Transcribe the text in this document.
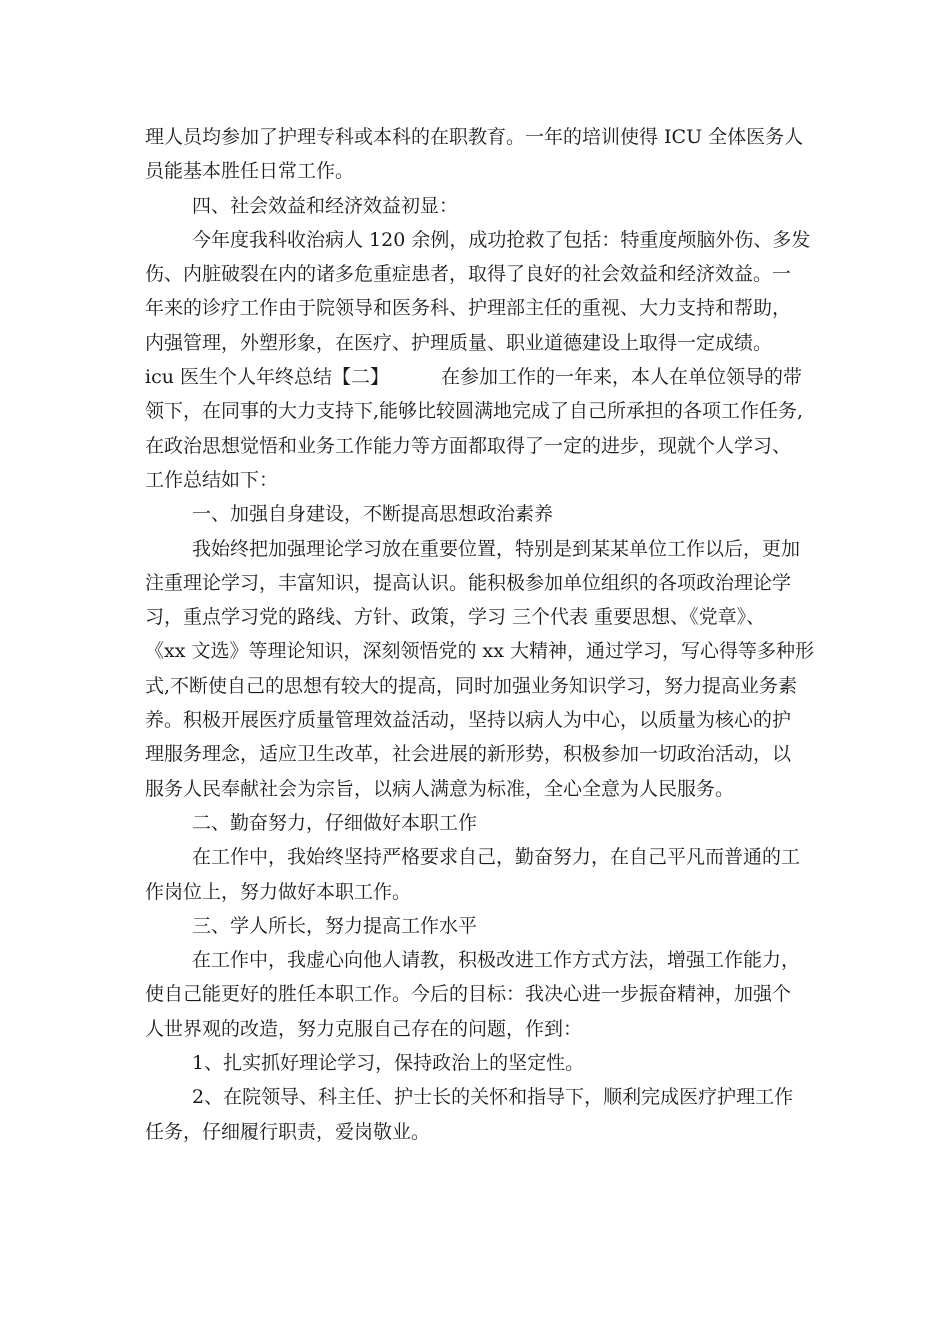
理人员均参加了护理专科或本科的在职教育。一年的培训使得 ICU 全体医务人
员能基本胜任日常工作。
四、社会效益和经济效益初显：
今年度我科收治病人 120 余例，成功抢救了包括：特重度颅脑外伤、多发
伤、内脏破裂在内的诸多危重症患者，取得了良好的社会效益和经济效益。一
年来的诊疗工作由于院领导和医务科、护理部主任的重视、大力支持和帮助，
内强管理，外塑形象，在医疗、护理质量、职业道德建设上取得一定成绩。
icu 医生个人年终总结【二】	在参加工作的一年来，本人在单位领导的带
领下，在同事的大力支持下,能够比较圆满地完成了自己所承担的各项工作任务,
在政治思想觉悟和业务工作能力等方面都取得了一定的进步，现就个人学习、
工作总结如下：
一、加强自身建设，不断提高思想政治素养
我始终把加强理论学习放在重要位置，特别是到某某单位工作以后，更加
注重理论学习，丰富知识，提高认识。能积极参加单位组织的各项政治理论学
习，重点学习党的路线、方针、政策，学习 三个代表 重要思想、《党章》、
《xx 文选》等理论知识，深刻领悟党的 xx 大精神，通过学习，写心得等多种形
式,不断使自己的思想有较大的提高，同时加强业务知识学习，努力提高业务素
养。积极开展医疗质量管理效益活动，坚持以病人为中心，以质量为核心的护
理服务理念，适应卫生改革，社会进展的新形势，积极参加一切政治活动，以
服务人民奉献社会为宗旨，以病人满意为标准，全心全意为人民服务。
二、勤奋努力，仔细做好本职工作
在工作中，我始终坚持严格要求自己，勤奋努力，在自己平凡而普通的工
作岗位上，努力做好本职工作。
三、学人所长，努力提高工作水平
在工作中，我虚心向他人请教，积极改进工作方式方法，增强工作能力，
使自己能更好的胜任本职工作。今后的目标：我决心进一步振奋精神，加强个
人世界观的改造，努力克服自己存在的问题，作到：
1、扎实抓好理论学习，保持政治上的坚定性。
2、在院领导、科主任、护士长的关怀和指导下，顺利完成医疗护理工作
任务，仔细履行职责，爱岗敬业。
